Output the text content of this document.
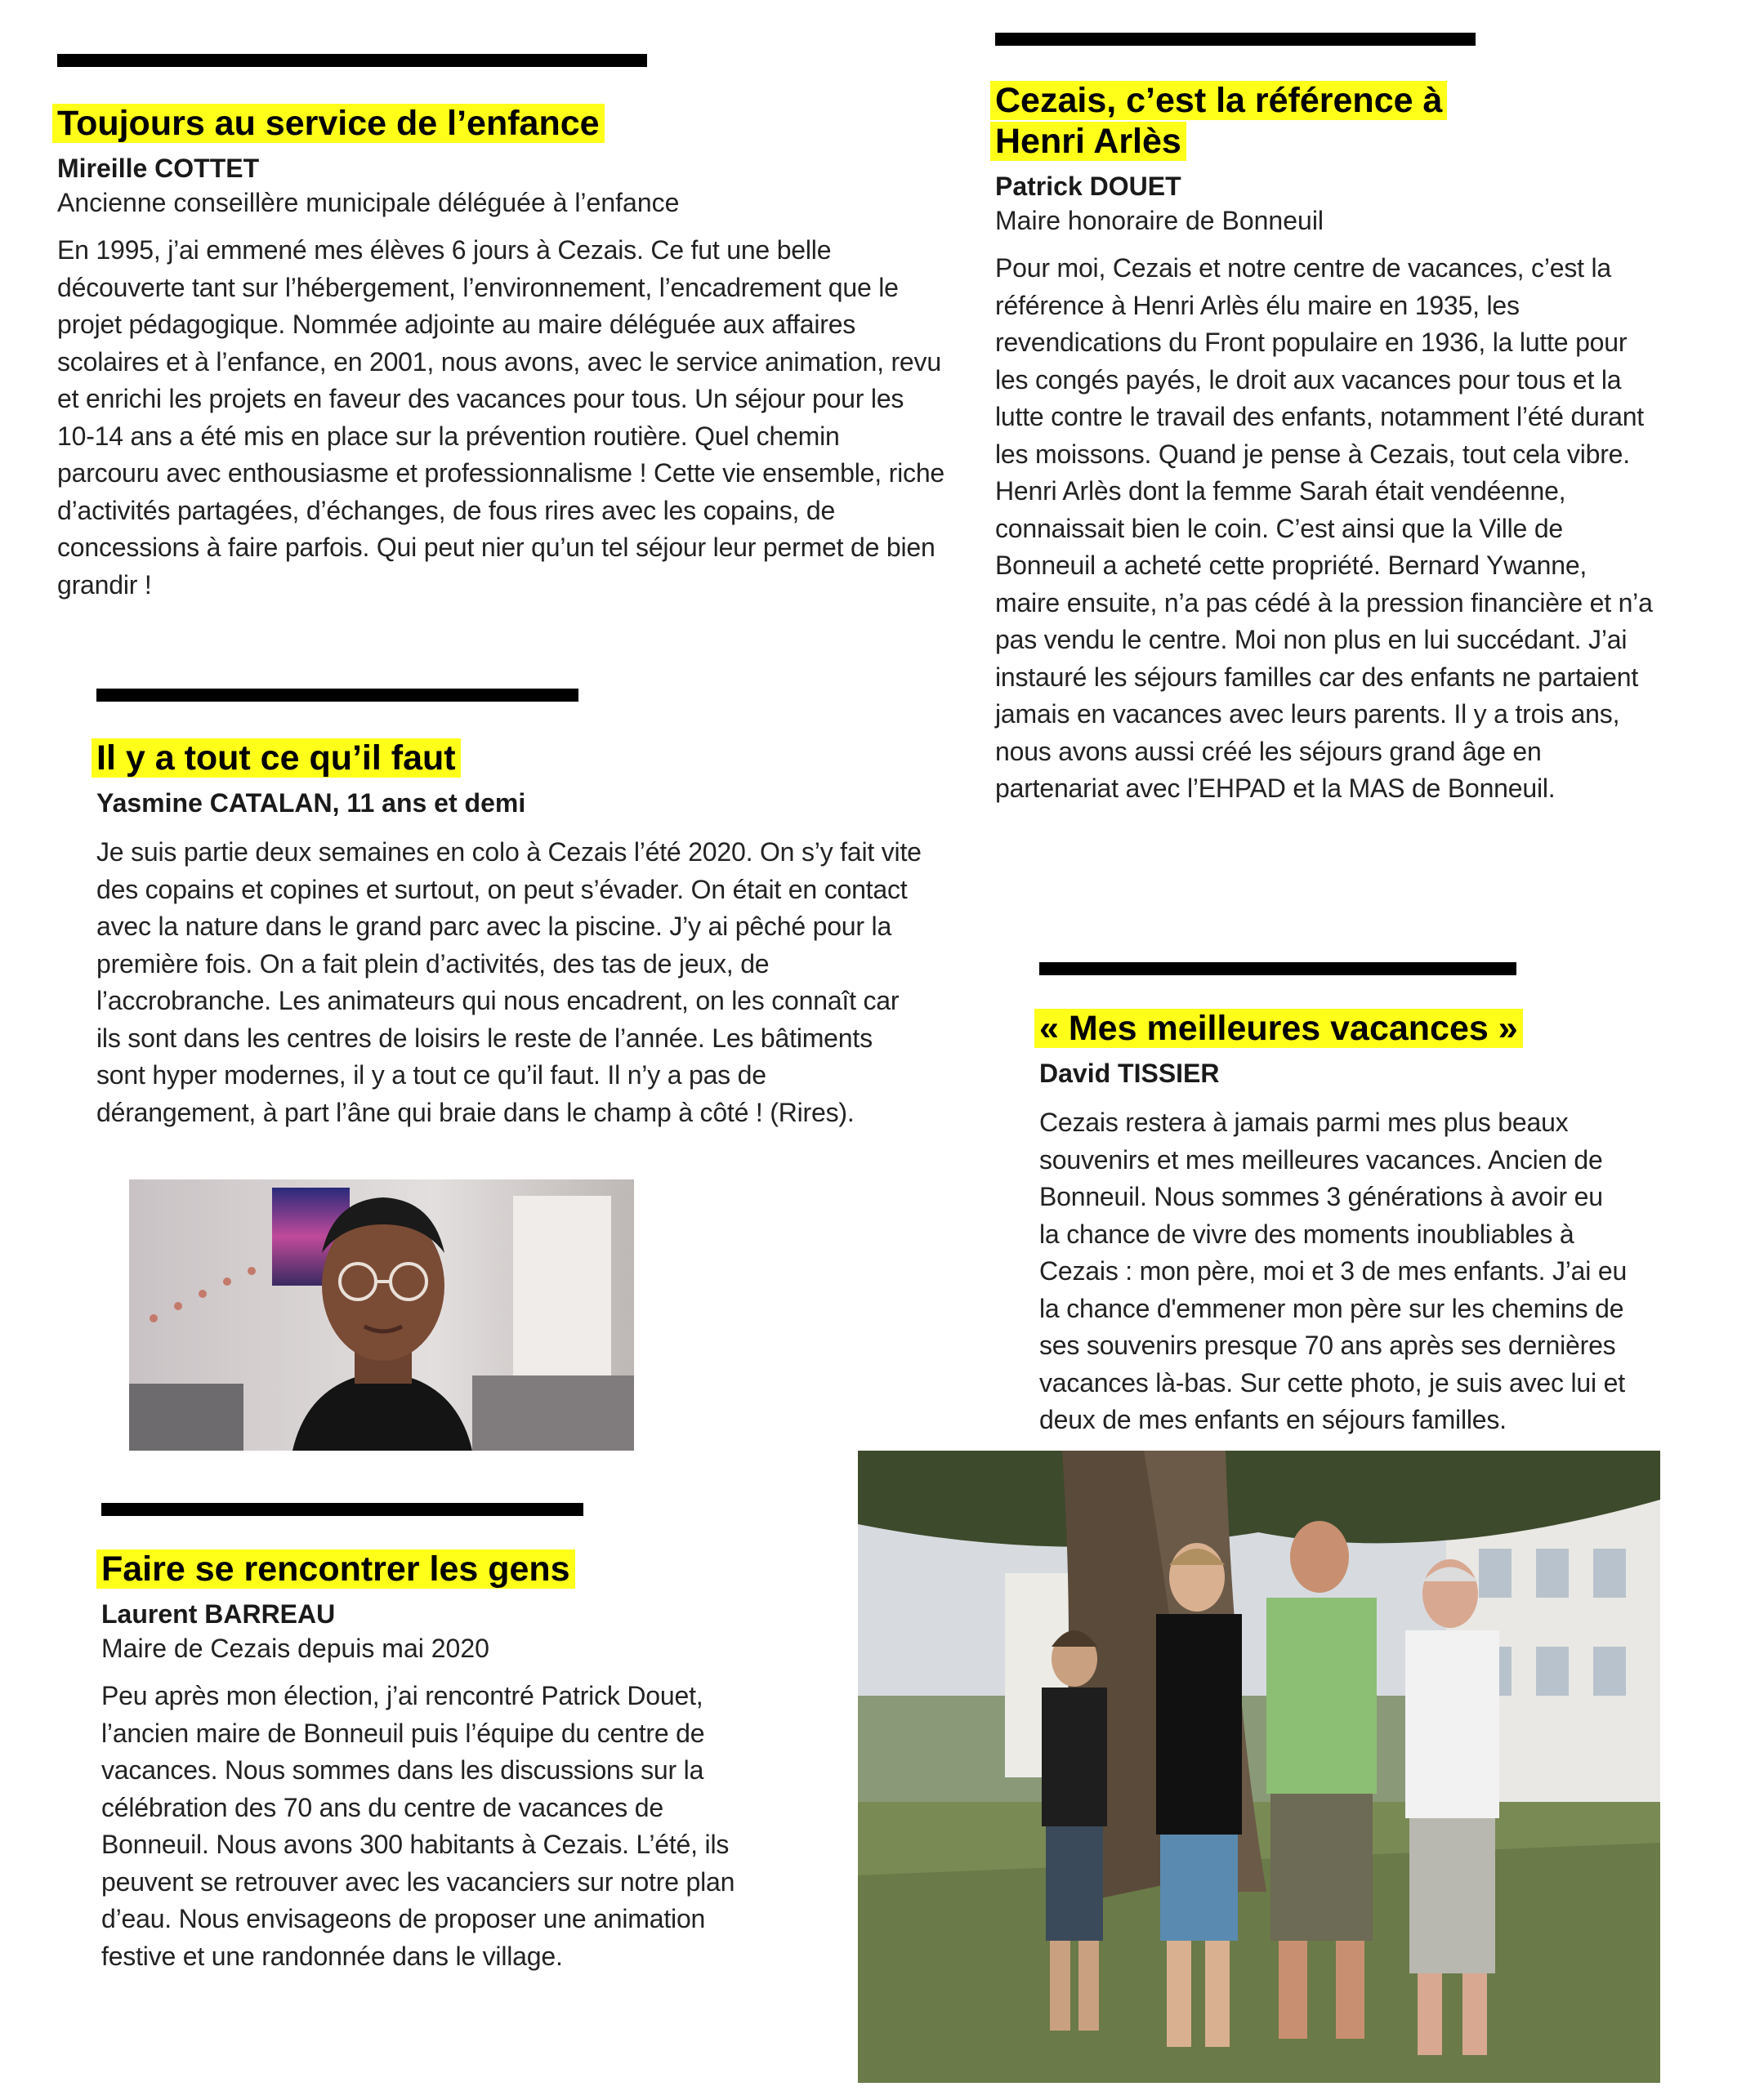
Toujours au service de l’enfance
Mireille COTTET
Ancienne conseillère municipale déléguée à l’enfance
En 1995, j’ai emmené mes élèves 6 jours à Cezais. Ce fut une belle découverte tant sur l’hébergement, l’environnement, l’encadrement que le projet pédagogique. Nommée adjointe au maire déléguée aux affaires scolaires et à l’enfance, en 2001, nous avons, avec le service animation, revu et enrichi les projets en faveur des vacances pour tous. Un séjour pour les 10-14 ans a été mis en place sur la prévention routière. Quel chemin parcouru avec enthousiasme et professionnalisme ! Cette vie ensemble, riche d’activités partagées, d’échanges, de fous rires avec les copains, de concessions à faire parfois. Qui peut nier qu’un tel séjour leur permet de bien grandir !
Cezais, c’est la référence à Henri Arlès
Patrick DOUET
Maire honoraire de Bonneuil
Pour moi, Cezais et notre centre de vacances, c’est la référence à Henri Arlès élu maire en 1935, les revendications du Front populaire en 1936, la lutte pour les congés payés, le droit aux vacances pour tous et la lutte contre le travail des enfants, notamment l’été durant les moissons. Quand je pense à Cezais, tout cela vibre. Henri Arlès dont la femme Sarah était vendéenne, connaissait bien le coin. C’est ainsi que la Ville de Bonneuil a acheté cette propriété. Bernard Ywanne, maire ensuite, n’a pas cédé à la pression financière et n’a pas vendu le centre. Moi non plus en lui succédant. J’ai instauré les séjours familles car des enfants ne partaient jamais en vacances avec leurs parents. Il y a trois ans, nous avons aussi créé les séjours grand âge en partenariat avec l’EHPAD et la MAS de Bonneuil.
Il y a tout ce qu’il faut
Yasmine CATALAN, 11 ans et demi
Je suis partie deux semaines en colo à Cezais l’été 2020. On s’y fait vite des copains et copines et surtout, on peut s’évader. On était en contact avec la nature dans le grand parc avec la piscine. J’y ai pêché pour la première fois. On a fait plein d’activités, des tas de jeux, de l’accrobranche. Les animateurs qui nous encadrent, on les connaît car ils sont dans les centres de loisirs le reste de l’année. Les bâtiments sont hyper modernes, il y a tout ce qu’il faut. Il n’y a pas de dérangement, à part l’âne qui braie dans le champ à côté ! (Rires).
« Mes meilleures vacances »
David TISSIER
Cezais restera à jamais parmi mes plus beaux souvenirs et mes meilleures vacances. Ancien de Bonneuil. Nous sommes 3 générations à avoir eu la chance de vivre des moments inoubliables à Cezais : mon père, moi et 3 de mes enfants. J’ai eu la chance d'emmener mon père sur les chemins de ses souvenirs presque 70 ans après ses dernières vacances là-bas. Sur cette photo, je suis avec lui et deux de mes enfants en séjours familles.
Faire se rencontrer les gens
Laurent BARREAU
Maire de Cezais depuis mai 2020
Peu après mon élection, j’ai rencontré Patrick Douet, l’ancien maire de Bonneuil puis l’équipe du centre de vacances. Nous sommes dans les discussions sur la célébration des 70 ans du centre de vacances de Bonneuil. Nous avons 300 habitants à Cezais. L’été, ils peuvent se retrouver avec les vacanciers sur notre plan d’eau. Nous envisageons de proposer une animation festive et une randonnée dans le village.
